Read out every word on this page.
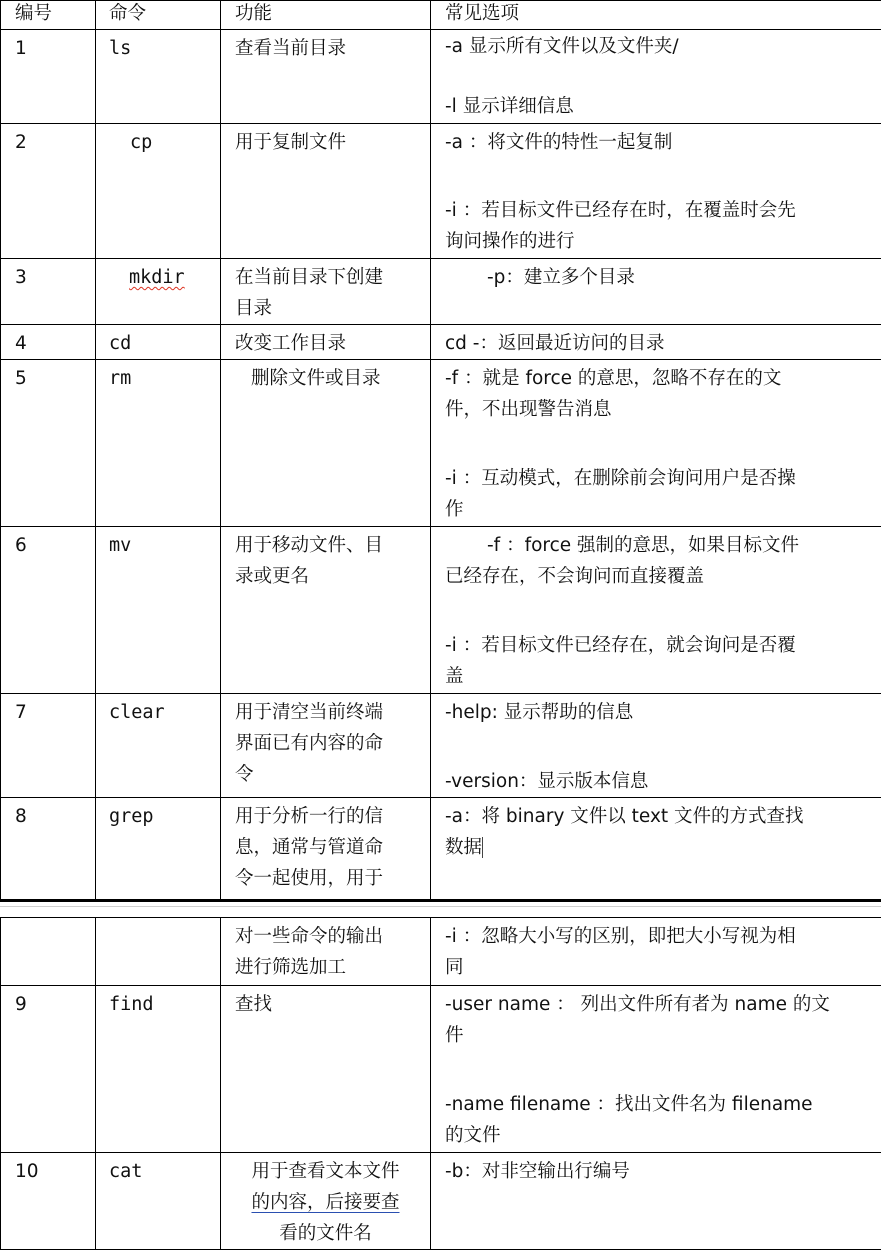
编号	命令	功能	常见选项
1	ls	查看当前目录	-a 显示所有文件以及文件夹/
-l 显示详细信息

2	cp	用于复制文件	-a ：将文件的特性一起复制
-i ：若目标文件已经存在时，在覆盖时会先
询问操作的进行

3	mkdir	在当前目录下创建
目录	-p：建立多个目录

4	cd	改变工作目录	cd -：返回最近访问的目录

5	rm	删除文件或目录	-f ：就是 force 的意思，忽略不存在的文
件，不出现警告消息
-i ：互动模式，在删除前会询问用户是否操
作

6	mv	用于移动文件、目
录或更名	-f ：force 强制的意思，如果目标文件
已经存在，不会询问而直接覆盖
-i ：若目标文件已经存在，就会询问是否覆
盖

7	clear	用于清空当前终端
界面已有内容的命
令	-help: 显示帮助的信息
-version：显示版本信息

8	grep	用于分析一行的信
息，通常与管道命
令一起使用，用于	-a：将 binary 文件以 text 文件的方式查找
数据

		对一些命令的输出
进行筛选加工	-i ：忽略大小写的区别，即把大小写视为相
同

9	find	查找	-user name ： 列出文件所有者为 name 的文
件
-name filename ：找出文件名为 filename
的文件

10	cat	用于查看文本文件
的内容，后接要查
看的文件名	-b：对非空输出行编号
